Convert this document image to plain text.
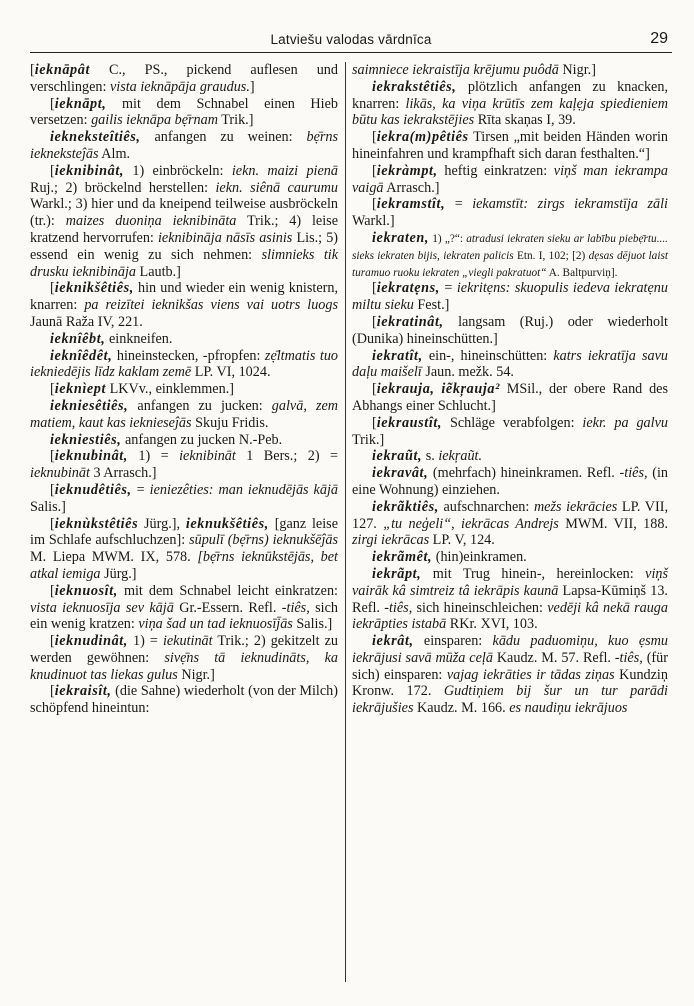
Latviešu valodas vārdnīca	29

[ieknāpât C., PS., pickend auflesen und verschlingen: vista ieknāpāja graudus.]

[ieknāpt, mit dem Schnabel einen Hieb versetzen: gailis ieknāpa bẹ̄rnam Trik.]

iekneksteîtiês, anfangen zu weinen: bẹ̄rns iekneksteĵās Alm.

[ieknibinât, 1) einbröckeln: iekn. maizi pienā Ruj.; 2) bröckelnd herstellen: iekn. siênā caurumu Warkl.; 3) hier und da kneipend teilweise ausbröckeln (tr.): maizes duoniņa ieknibināta Trik.; 4) leise kratzend hervorrufen: ieknibināja nāsīs asinis Lis.; 5) essend ein wenig zu sich nehmen: slimnieks tik drusku ieknibināja Lautb.]

[ieknikšêtiês, hin und wieder ein wenig knistern, knarren: pa reizītei ieknikšas viens vai uotrs luogs Jaunā Raža IV, 221.

ieknîêbt, einkneifen.

ieknîêdêt, hineinstecken, -pfropfen: zẹ̄ltmatis tuo iekniedējis līdz kaklam zemē LP. VI, 1024.

[ieknìept LKVv., einklemmen.]

iekniesêtiês, anfangen zu jucken: galvā, zem matiem, kaut kas ieknieseĵās Skuju Fridis.

iekniestiês, anfangen zu jucken N.-Peb.

[ieknubinât, 1) = ieknibināt 1 Bers.; 2) = ieknubināt 3 Arrasch.]

[ieknudêtiês, = ieniezêties: man ieknudējās kājā Salis.]

[ieknùkstêtiês Jürg.], ieknukšêtiês, [ganz leise im Schlafe aufschluchzen]: sūpulī (bẹ̄rns) ieknukšēĵās M. Liepa MWM. IX, 578. [bẹ̄rns ieknūkstējās, bet atkal iemiga Jürg.]

[ieknuosît, mit dem Schnabel leicht einkratzen: vista ieknuosīja sev kājā Gr.-Essern. Refl. -tiês, sich ein wenig kratzen: viņa šad un tad ieknuosīj̄ās Salis.]

[ieknudinât, 1) = iekutināt Trik.; 2) gekitzelt zu werden gewöhnen: sivẹ̄ns tā ieknudināts, ka knudinuot tas liekas gulus Nigr.]

[iekraisît, (die Sahne) wiederholt (von der Milch) schöpfend hineintun:

saimniece iekraistīja krējumu puôdā Nigr.]

iekrakstêtiês, plötzlich anfangen zu knacken, knarren: likās, ka viņa krūtīs zem kaļẹja spiedieniem būtu kas iekrakstējies Rīta skaņas I, 39.

[iekra(m)pêtiês Tirsen „mit beiden Händen worin hineinfahren und krampfhaft sich daran festhalten.“]

[iekràmpt, heftig einkratzen: viņš man iekrampa vaigā Arrasch.]

[iekramstît, = iekamstīt: zirgs iekramstīja zāli Warkl.]

iekraten, 1) „?“: atradusi iekraten sieku ar labību piebẹ̄rtu.... sieks iekraten bijis, iekraten palicis Etn. I, 102; [2) dẹsas dējuot laist turamuo ruoku iekraten „viegli pakratuot“ A. Baltpurviņ].

[iekratẹns, = iekritẹns: skuopulis iedeva iekratẹnu miltu sieku Fest.]

[iekratinât, langsam (Ruj.) oder wiederholt (Dunika) hineinschütten.]

iekratît, ein-, hineinschütten: katrs iekratīja savu daļu maišelī Jaun. mežk. 54.

[iekrauja, iẽkŗauja² MSil., der obere Rand des Abhangs einer Schlucht.]

[iekraustît, Schläge verabfolgen: iekr. pa galvu Trik.]

iekraũt, s. iekŗaũt.

iekravât, (mehrfach) hineinkramen. Refl. -tiês, (in eine Wohnung) einziehen.

iekrãktiês, aufschnarchen: mežs iekrācies LP. VII, 127. „tu neģeli“, iekrācas Andrejs MWM. VII, 188. zirgi iekrācas LP. V, 124.

iekrãmêt, (hin)einkramen.

iekrãpt, mit Trug hinein-, hereinlocken: viņš vairāk kâ simtreiz tâ iekrāpis kaunā Lapsa-Kūmiņš 13. Refl. -tiês, sich hineinschleichen: vedēji kâ nekā rauga iekrāpties istabā RKr. XVI, 103.

iekrât, einsparen: kādu paduomiņu, kuo ẹsmu iekrājusi savā mūža ceļā Kaudz. M. 57. Refl. -tiês, (für sich) einsparen: vajag iekrāties ir tādas ziņas Kundziņ Kronw. 172. Gudtiņiem bij šur un tur parādi iekrājušies Kaudz. M. 166. es naudiņu iekrājuos
